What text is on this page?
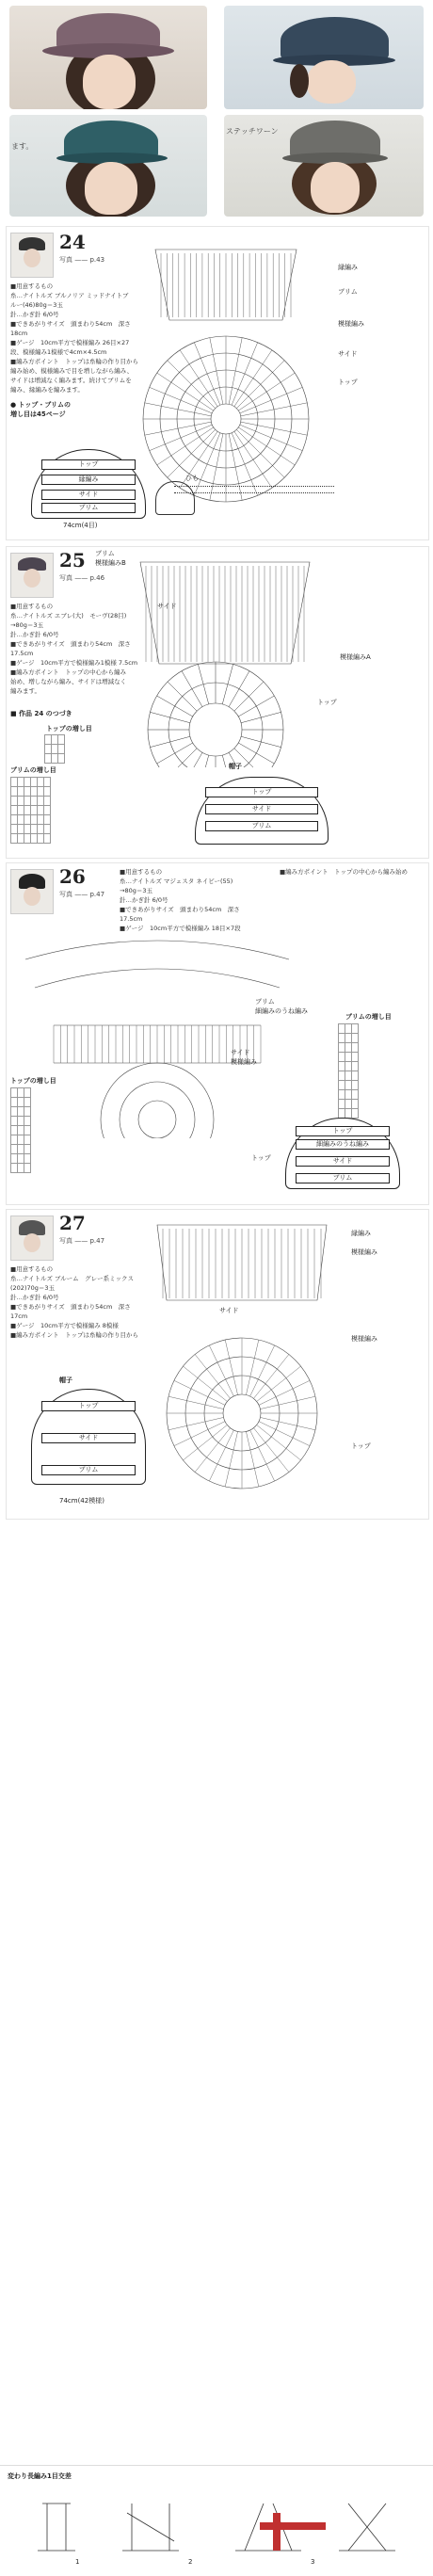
ます。
ステッチワーン
24
写真 —— p.43
■用意するもの
糸…ナイトルズ ブルノリア ミッドナイトブ
ルー(46)80g＝3玉
針…かぎ針 6/0号
■できあがりサイズ　頭まわり54cm　深さ
18cm
■ゲージ　10cm平方で模様編み 26目×27
段、模様編み1模様で4cm×4.5cm
■編み方ポイント　トップは糸輪の作り目から
編み始め、模様編みで目を増しながら編み、
サイドは増減なく編みます。続けてブリムを
編み、縁編みを編みます。
● トップ・ブリムの
増し目は45ページ
縁編み
ブリム
模様編み
サイド
トップ
ひも
トップ
縁編み
サイド
ブリム
74cm(4目)
25
写真 —— p.46
■用意するもの
糸…ナイトルズ エブレ(大)　モーヴ(28目)
→80g＝3玉
針…かぎ針 6/0号
■できあがりサイズ　頭まわり54cm　深さ
17.5cm
■ゲージ　10cm平方で模様編み1模様 7.5cm
■編み方ポイント　トップの中心から編み
始め、増しながら編み、サイドは増減なく
編みます。
■ 作品 24 のつづき
トップの増し目

ブリムの増し目

ブリム
模様編みB
サイド
模様編みA
トップ
帽子
トップ
サイド
ブリム
26
写真 —— p.47
■用意するもの
糸…ナイトルズ マジェスタ ネイビー(55)
→80g＝3玉
針…かぎ針 6/0号
■できあがりサイズ　頭まわり54cm　深さ
17.5cm
■ゲージ　10cm平方で模様編み 18目×7段
■編み方ポイント　トップの中心から編み始め
ブリム
細編みのうね編み
サイド
模様編み
トップ
ブリムの増し目

トップの増し目

トップ
細編みのうね編み
サイド
ブリム
27
写真 —— p.47
■用意するもの
糸…ナイトルズ ブルーム　グレー系ミックス
(202)70g＝3玉
針…かぎ針 6/0号
■できあがりサイズ　頭まわり54cm　深さ
17cm
■ゲージ　10cm平方で模様編み 8模様
■編み方ポイント　トップは糸輪の作り目から
縁編み
模様編み
サイド
模様編み
トップ
帽子
トップ
サイド
ブリム
74cm(42模様)
変わり長編み1目交差
1	2	3
